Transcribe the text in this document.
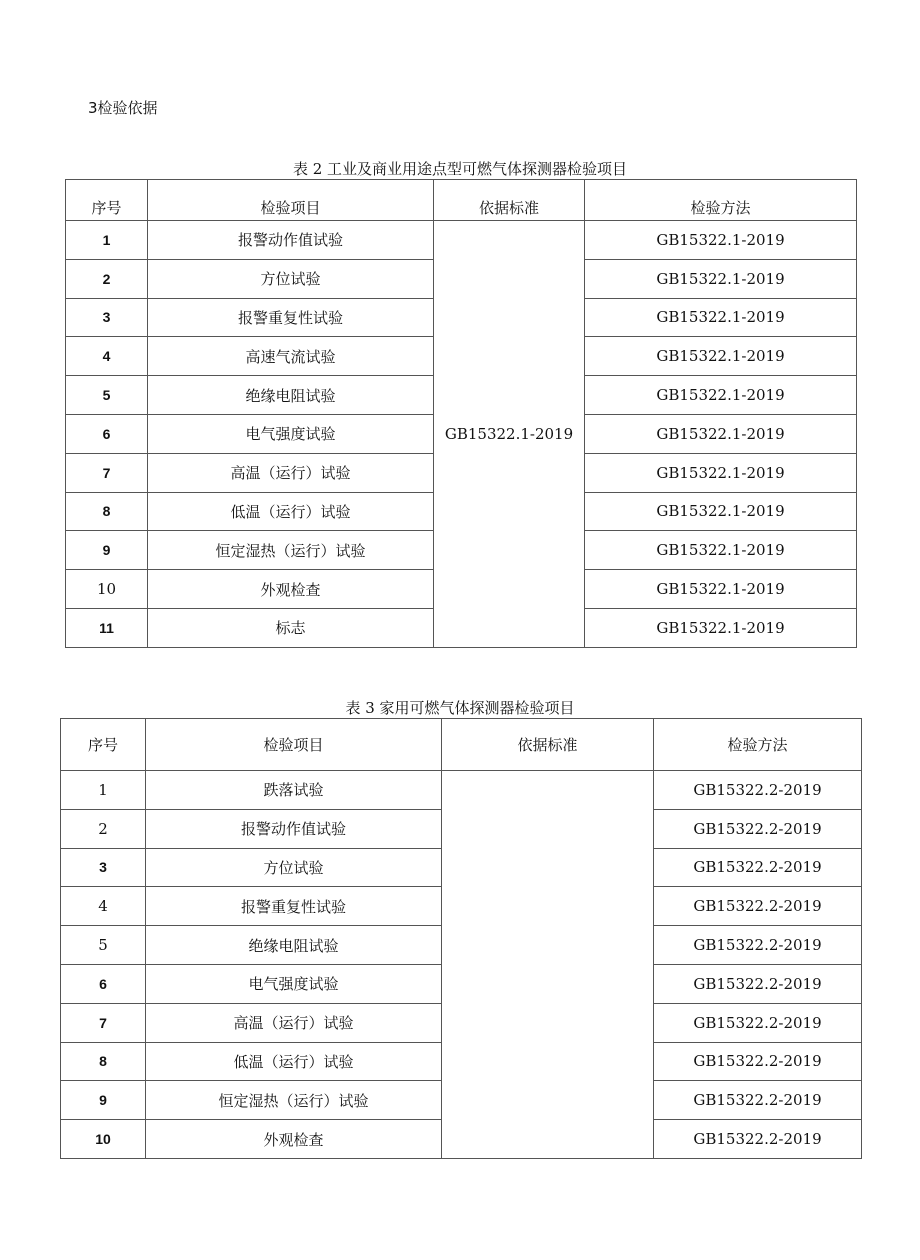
3检验依据
表 2 工业及商业用途点型可燃气体探测器检验项目
序号	检验项目	依据标准	检验方法
1	报警动作值试验	GB15322.1-2019	GB15322.1-2019
2	方位试验		GB15322.1-2019
3	报警重复性试验		GB15322.1-2019
4	高速气流试验		GB15322.1-2019
5	绝缘电阻试验		GB15322.1-2019
6	电气强度试验		GB15322.1-2019
7	高温（运行）试验		GB15322.1-2019
8	低温（运行）试验		GB15322.1-2019
9	恒定湿热（运行）试验		GB15322.1-2019
10	外观检查		GB15322.1-2019
11	标志		GB15322.1-2019
表 3 家用可燃气体探测器检验项目
序号	检验项目	依据标准	检验方法
1	跌落试验		GB15322.2-2019
2	报警动作值试验		GB15322.2-2019
3	方位试验		GB15322.2-2019
4	报警重复性试验		GB15322.2-2019
5	绝缘电阻试验		GB15322.2-2019
6	电气强度试验		GB15322.2-2019
7	高温（运行）试验		GB15322.2-2019
8	低温（运行）试验		GB15322.2-2019
9	恒定湿热（运行）试验		GB15322.2-2019
10	外观检查		GB15322.2-2019
